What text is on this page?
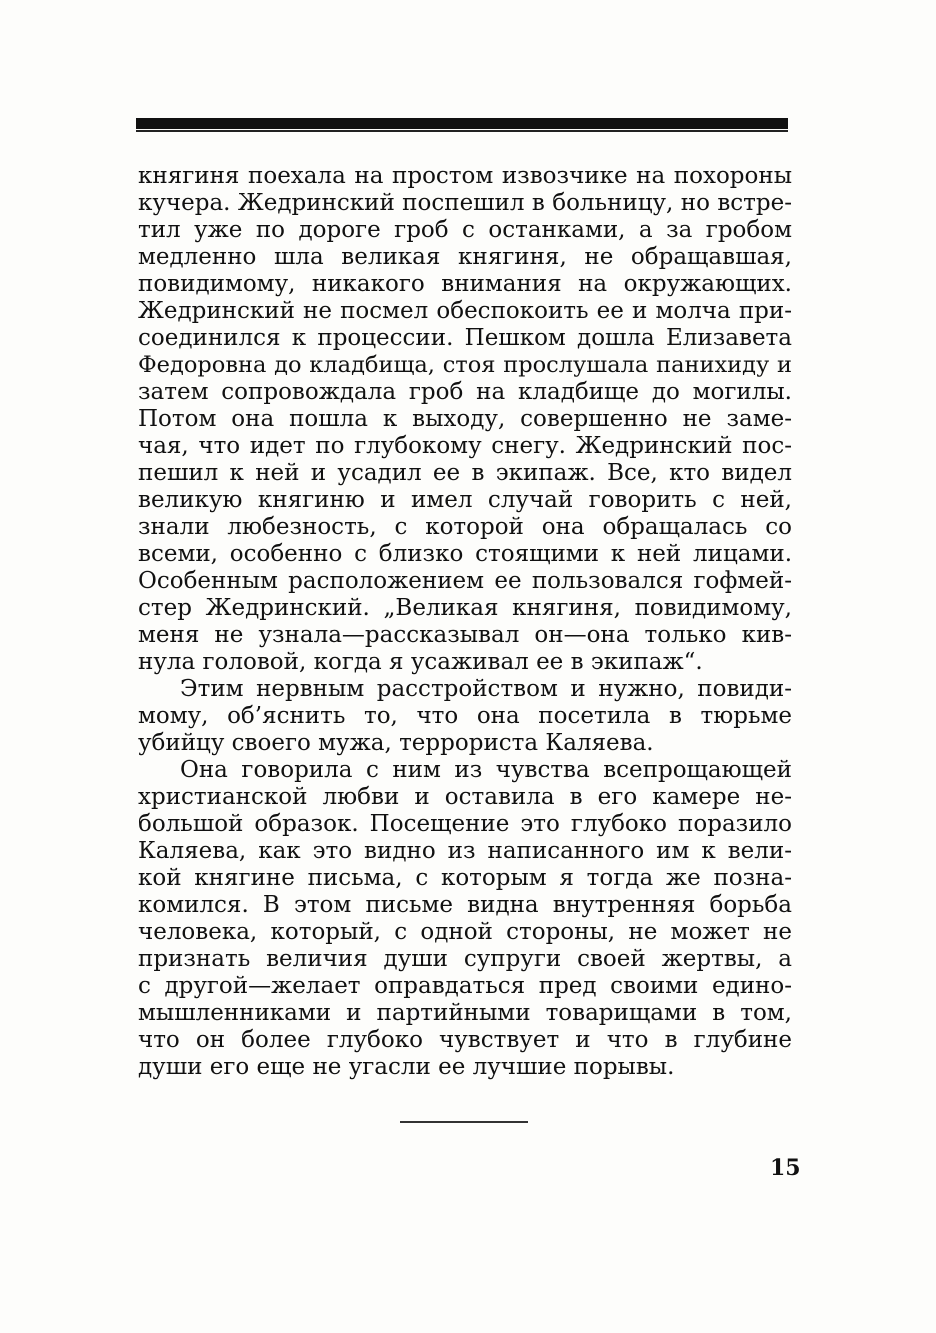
княгиня поехала на простом извозчике на похороны
кучера. Жедринский поспешил в больницу, но встре-
тил уже по дороге гроб с останками, а за гробом
медленно шла великая княгиня, не обращавшая,
повидимому, никакого внимания на окружающих.
Жедринский не посмел обеспокоить ее и молча при-
соединился к процессии. Пешком дошла Елизавета
Федоровна до кладбища, стоя прослушала панихиду и
затем сопровождала гроб на кладбище до могилы.
Потом она пошла к выходу, совершенно не заме-
чая, что идет по глубокому снегу. Жедринский пос-
пешил к ней и усадил ее в экипаж. Все, кто видел
великую княгиню и имел случай говорить с ней,
знали любезность, с которой она обращалась со
всеми, особенно с близко стоящими к ней лицами.
Особенным расположением ее пользовался гофмей-
стер Жедринский. „Великая княгиня, повидимому,
меня не узнала—рассказывал он—она только кив-
нула головой, когда я усаживал ее в экипаж“.
Этим нервным расстройством и нужно, повиди-
мому, об’яснить то, что она посетила в тюрьме
убийцу своего мужа, террориста Каляева.
Она говорила с ним из чувства всепрощающей
христианской любви и оставила в его камере не-
большой образок. Посещение это глубоко поразило
Каляева, как это видно из написанного им к вели-
кой княгине письма, с которым я тогда же позна-
комился. В этом письме видна внутренняя борьба
человека, который, с одной стороны, не может не
признать величия души супруги своей жертвы, а
с другой—желает оправдаться пред своими едино-
мышленниками и партийными товарищами в том,
что он более глубоко чувствует и что в глубине
души его еще не угасли ее лучшие порывы.
15
